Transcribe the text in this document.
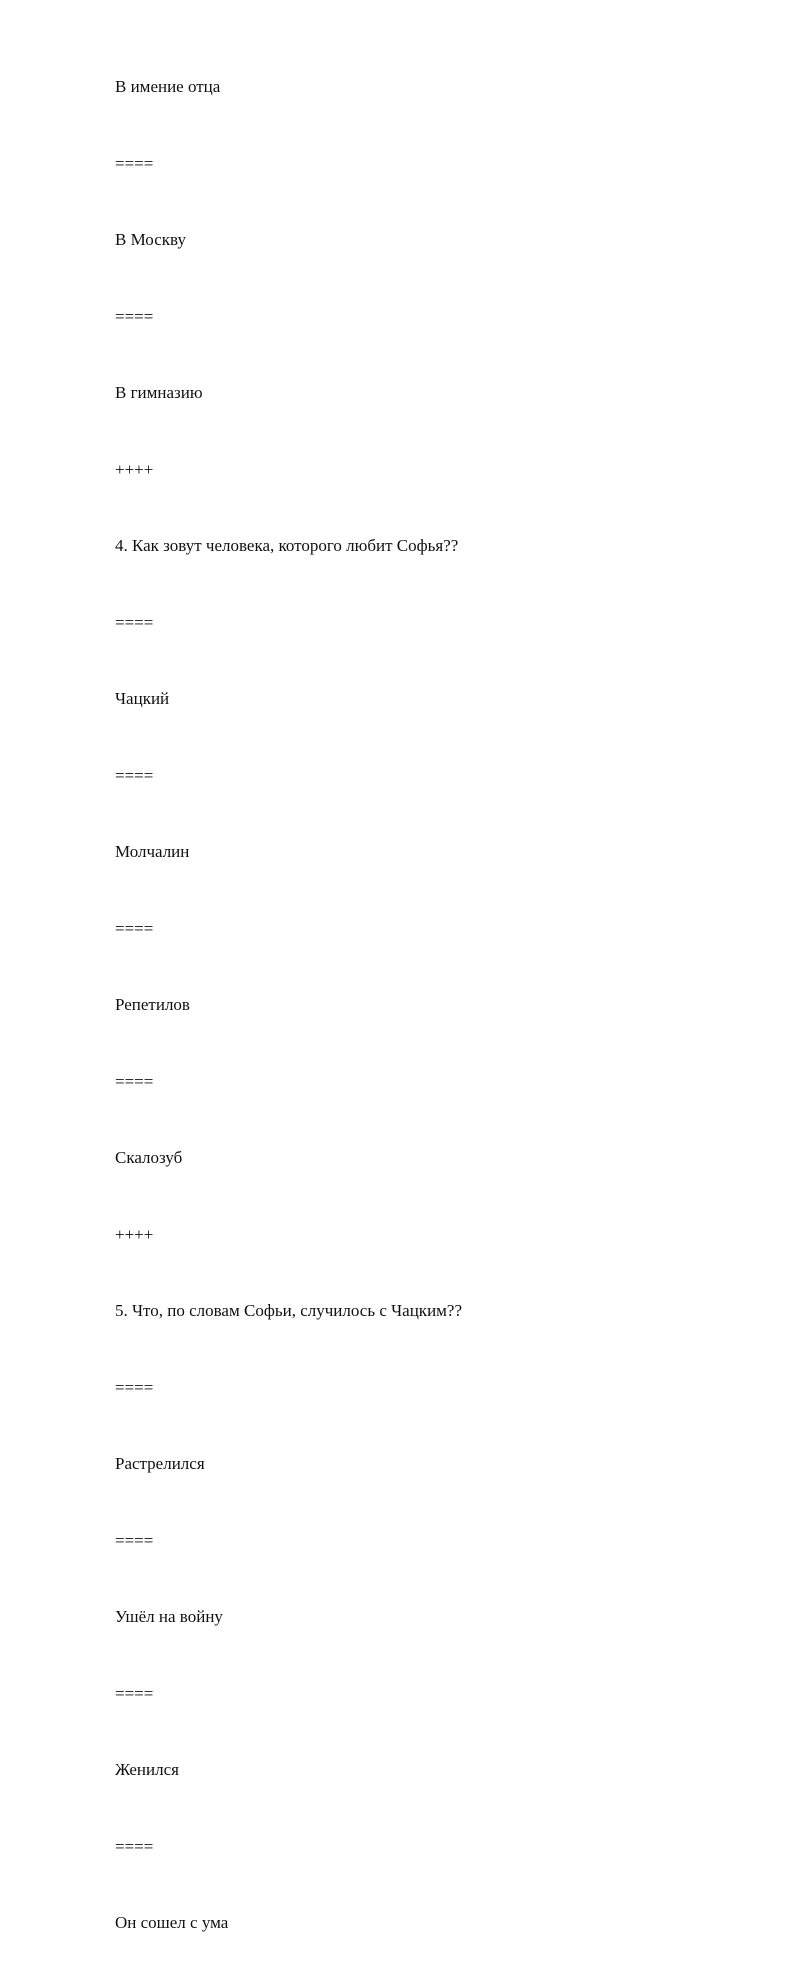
В имение отца

====

В Москву

====

В гимназию

++++

4. Как зовут человека, которого любит Софья??

====

Чацкий

====

Молчалин

====

Репетилов

====

Скалозуб

++++

5. Что, по словам Софьи, случилось с Чацким??

====

Растрелился

====

Ушёл на войну

====

Женился

====

Он сошел с ума
